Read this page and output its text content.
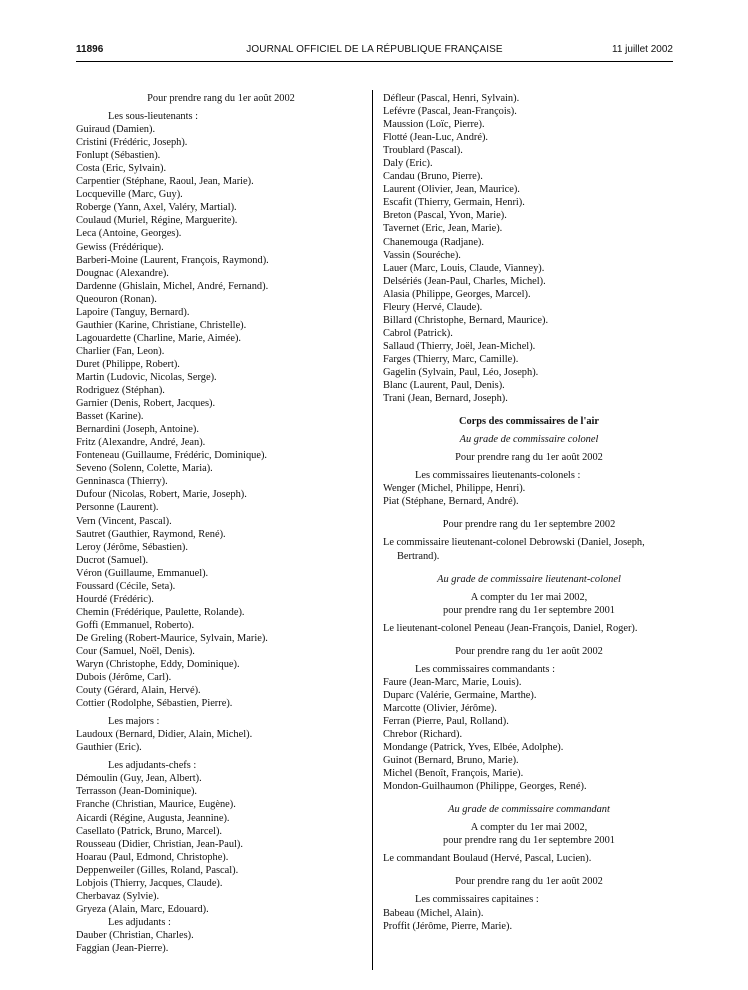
11896	JOURNAL OFFICIEL DE LA RÉPUBLIQUE FRANÇAISE	11 juillet 2002
Pour prendre rang du 1er août 2002
Les sous-lieutenants :
Guiraud (Damien).
Cristini (Frédéric, Joseph).
Fonlupt (Sébastien).
Costa (Eric, Sylvain).
Carpentier (Stéphane, Raoul, Jean, Marie).
Locqueville (Marc, Guy).
Roberge (Yann, Axel, Valéry, Martial).
Coulaud (Muriel, Régine, Marguerite).
Leca (Antoine, Georges).
Gewiss (Frédérique).
Barberi-Moine (Laurent, François, Raymond).
Dougnac (Alexandre).
Dardenne (Ghislain, Michel, André, Fernand).
Queouron (Ronan).
Lapoire (Tanguy, Bernard).
Gauthier (Karine, Christiane, Christelle).
Lagouardette (Charline, Marie, Aimée).
Charlier (Fan, Leon).
Duret (Philippe, Robert).
Martin (Ludovic, Nicolas, Serge).
Rodriguez (Stéphan).
Garnier (Denis, Robert, Jacques).
Basset (Karine).
Bernardini (Joseph, Antoine).
Fritz (Alexandre, André, Jean).
Fonteneau (Guillaume, Frédéric, Dominique).
Seveno (Solenn, Colette, Maria).
Genninasca (Thierry).
Dufour (Nicolas, Robert, Marie, Joseph).
Personne (Laurent).
Vern (Vincent, Pascal).
Sautret (Gauthier, Raymond, René).
Leroy (Jérôme, Sébastien).
Ducrot (Samuel).
Véron (Guillaume, Emmanuel).
Foussard (Cécile, Seta).
Hourdé (Frédéric).
Chemin (Frédérique, Paulette, Rolande).
Goffi (Emmanuel, Roberto).
De Greling (Robert-Maurice, Sylvain, Marie).
Cour (Samuel, Noël, Denis).
Waryn (Christophe, Eddy, Dominique).
Dubois (Jérôme, Carl).
Couty (Gérard, Alain, Hervé).
Cottier (Rodolphe, Sébastien, Pierre).
Les majors :
Laudoux (Bernard, Didier, Alain, Michel).
Gauthier (Eric).
Les adjudants-chefs :
Démoulin (Guy, Jean, Albert).
Terrasson (Jean-Dominique).
Franche (Christian, Maurice, Eugène).
Aicardi (Régine, Augusta, Jeannine).
Casellato (Patrick, Bruno, Marcel).
Rousseau (Didier, Christian, Jean-Paul).
Hoarau (Paul, Edmond, Christophe).
Deppenweiler (Gilles, Roland, Pascal).
Lobjois (Thierry, Jacques, Claude).
Cherbavaz (Sylvie).
Gryeza (Alain, Marc, Edouard).
Les adjudants :
Dauber (Christian, Charles).
Faggian (Jean-Pierre).
Défleur (Pascal, Henri, Sylvain).
Lefévre (Pascal, Jean-François).
Maussion (Loïc, Pierre).
Flotté (Jean-Luc, André).
Troublard (Pascal).
Daly (Eric).
Candau (Bruno, Pierre).
Laurent (Olivier, Jean, Maurice).
Escafit (Thierry, Germain, Henri).
Breton (Pascal, Yvon, Marie).
Tavernet (Eric, Jean, Marie).
Chanemouga (Radjane).
Vassin (Souréche).
Lauer (Marc, Louis, Claude, Vianney).
Delsériés (Jean-Paul, Charles, Michel).
Alasia (Philippe, Georges, Marcel).
Fleury (Hervé, Claude).
Billard (Christophe, Bernard, Maurice).
Cabrol (Patrick).
Sallaud (Thierry, Joël, Jean-Michel).
Farges (Thierry, Marc, Camille).
Gagelin (Sylvain, Paul, Léo, Joseph).
Blanc (Laurent, Paul, Denis).
Trani (Jean, Bernard, Joseph).
Corps des commissaires de l'air
Au grade de commissaire colonel
Pour prendre rang du 1er août 2002
Les commissaires lieutenants-colonels :
Wenger (Michel, Philippe, Henri).
Piat (Stéphane, Bernard, André).
Pour prendre rang du 1er septembre 2002
Le commissaire lieutenant-colonel Debrowski (Daniel, Joseph, Bertrand).
Au grade de commissaire lieutenant-colonel
A compter du 1er mai 2002,
pour prendre rang du 1er septembre 2001
Le lieutenant-colonel Peneau (Jean-François, Daniel, Roger).
Pour prendre rang du 1er août 2002
Les commissaires commandants :
Faure (Jean-Marc, Marie, Louis).
Duparc (Valérie, Germaine, Marthe).
Marcotte (Olivier, Jérôme).
Ferran (Pierre, Paul, Rolland).
Chrebor (Richard).
Mondange (Patrick, Yves, Elbée, Adolphe).
Guinot (Bernard, Bruno, Marie).
Michel (Benoît, François, Marie).
Mondon-Guilhaumon (Philippe, Georges, René).
Au grade de commissaire commandant
A compter du 1er mai 2002,
pour prendre rang du 1er septembre 2001
Le commandant Boulaud (Hervé, Pascal, Lucien).
Pour prendre rang du 1er août 2002
Les commissaires capitaines :
Babeau (Michel, Alain).
Proffit (Jérôme, Pierre, Marie).
